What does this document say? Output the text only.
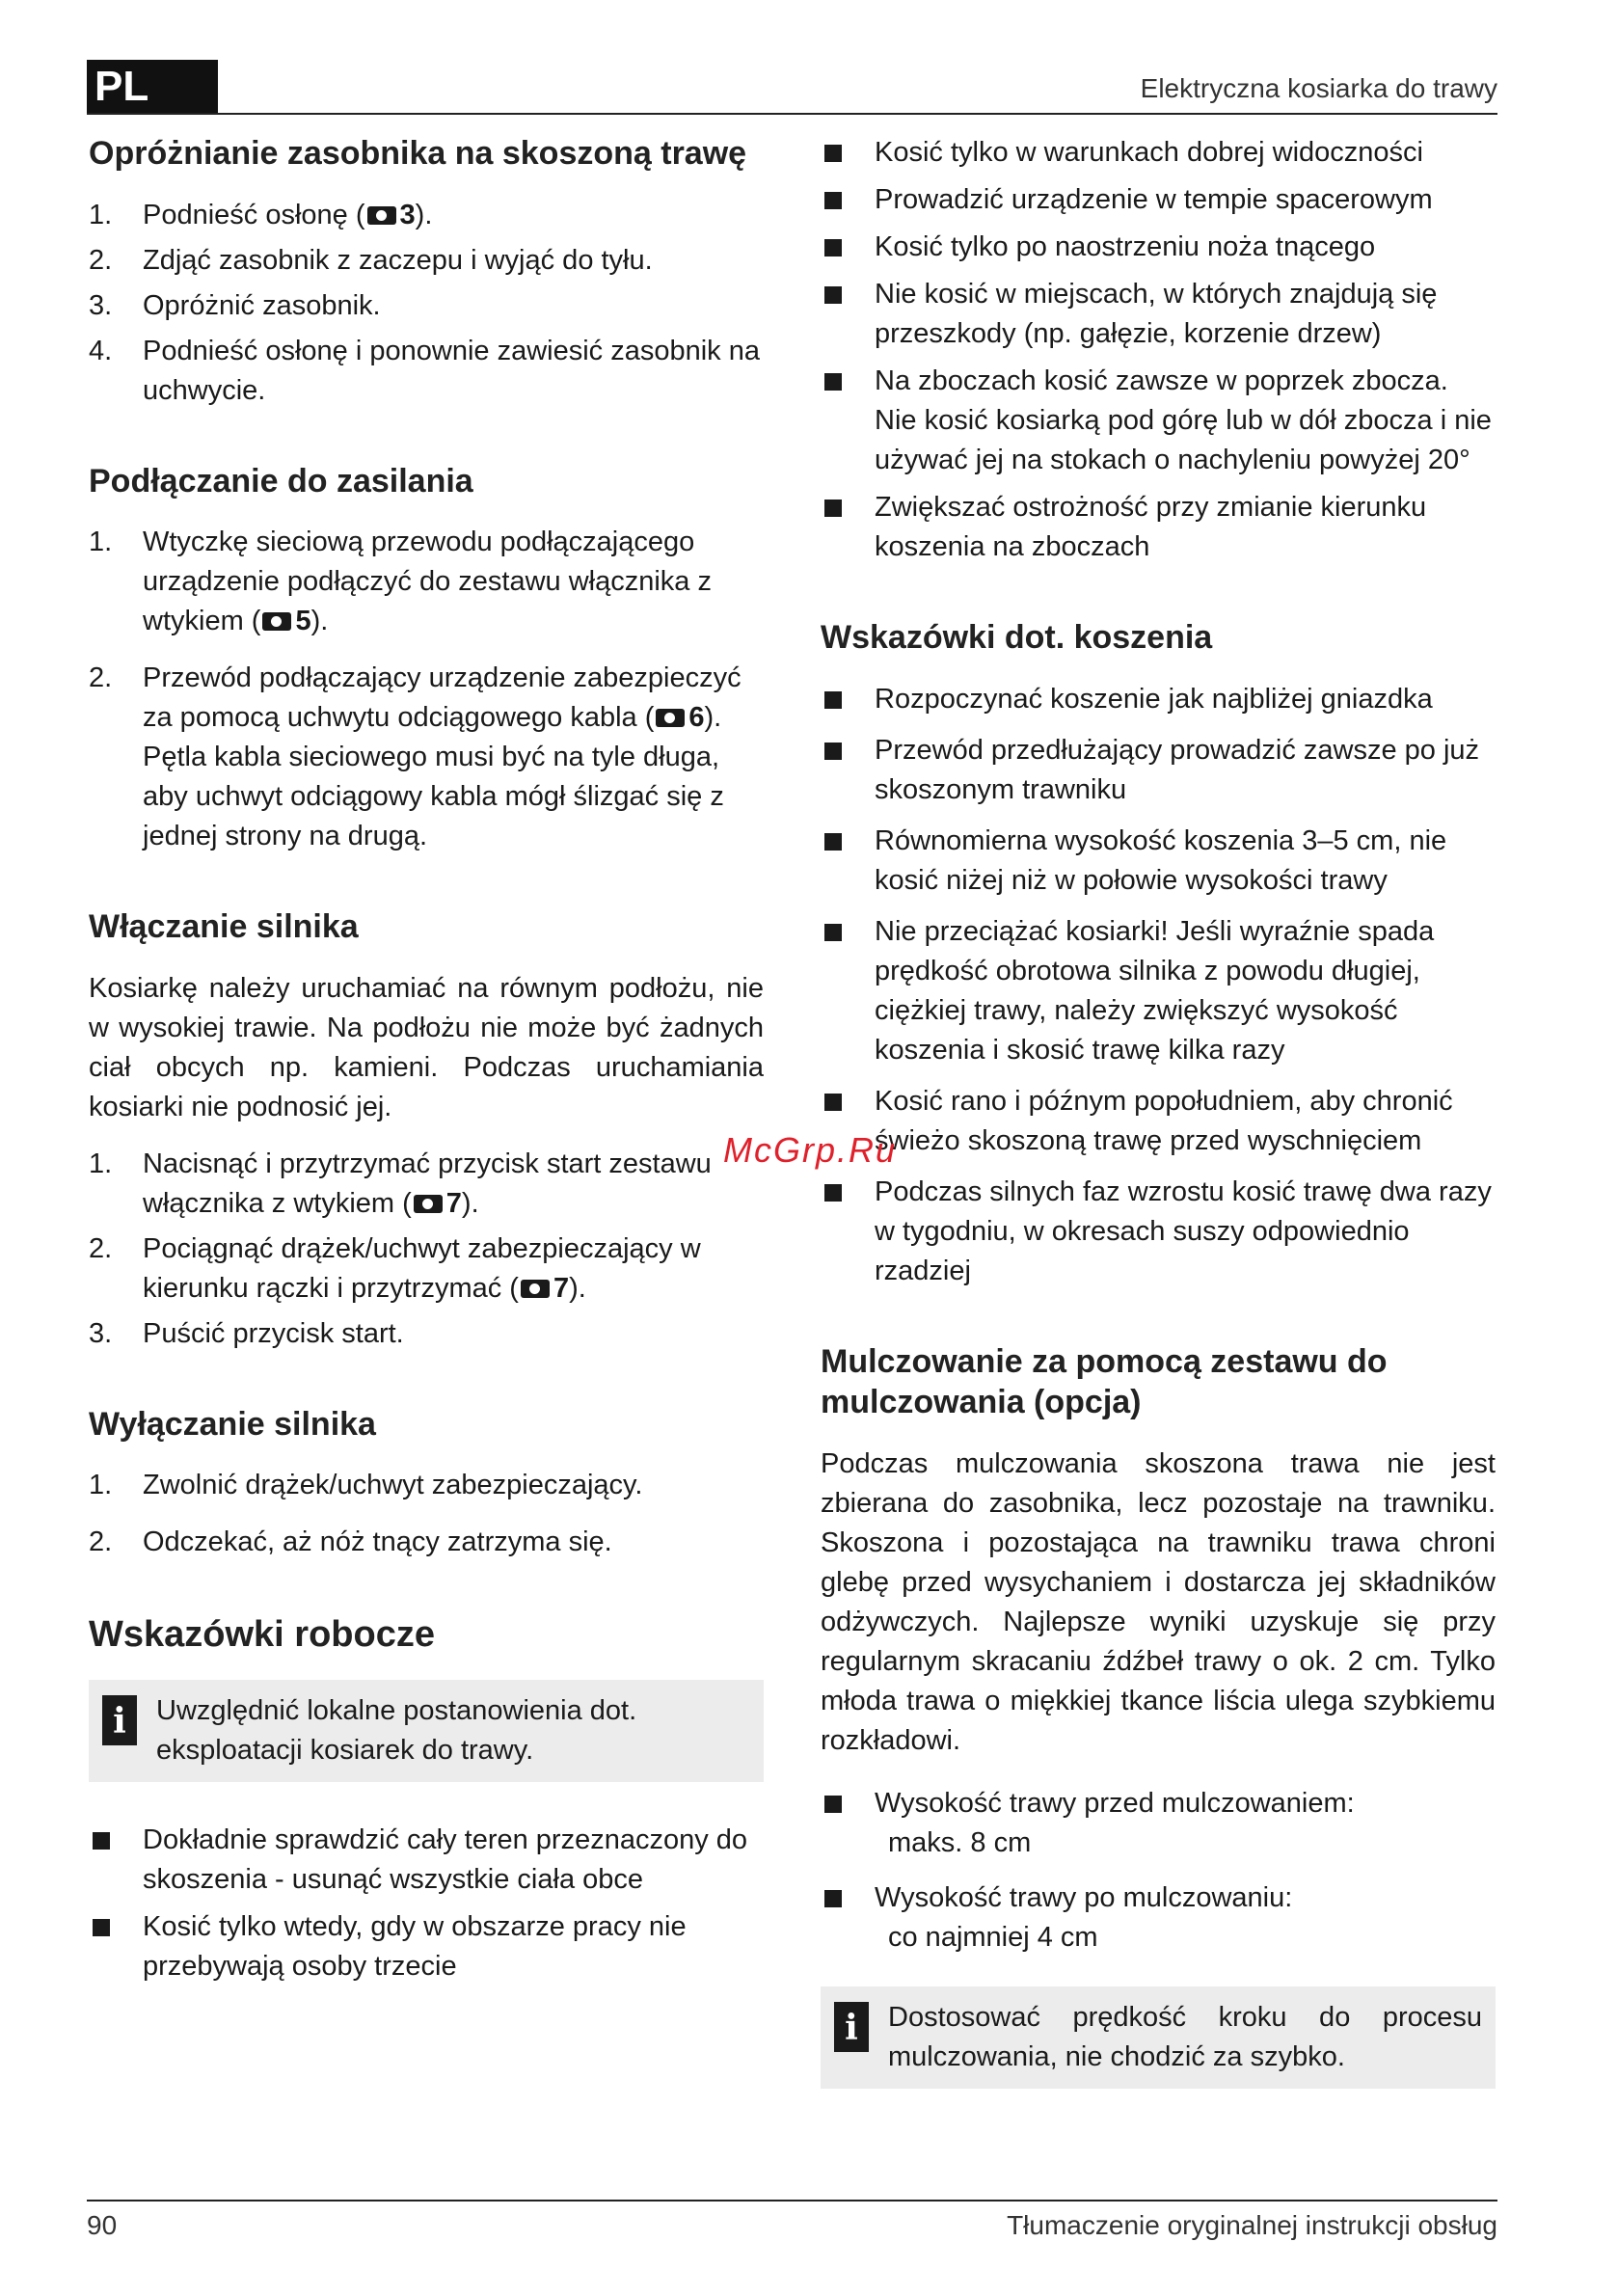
PL	Elektryczna kosiarka do trawy
Opróżnianie zasobnika na skoszoną trawę
1. Podnieść osłonę ( 3).
2. Zdjąć zasobnik z zaczepu i wyjąć do tyłu.
3. Opróżnić zasobnik.
4. Podnieść osłonę i ponownie zawiesić zasobnik na uchwycie.
Podłączanie do zasilania
1. Wtyczkę sieciową przewodu podłączającego urządzenie podłączyć do zestawu włącznika z wtykiem ( 5).
2. Przewód podłączający urządzenie zabezpieczyć za pomocą uchwytu odciągowego kabla ( 6).
Pętla kabla sieciowego musi być na tyle długa, aby uchwyt odciągowy kabla mógł ślizgać się z jednej strony na drugą.
Włączanie silnika

Kosiarkę należy uruchamiać na równym podłożu, nie w wysokiej trawie. Na podłożu nie może być żadnych ciał obcych np. kamieni. Podczas uruchamiania kosiarki nie podnosić jej.

1. Nacisnąć i przytrzymać przycisk start zestawu włącznika z wtykiem ( 7).
2. Pociągnąć drążek/uchwyt zabezpieczający w kierunku rączki i przytrzymać ( 7).
3. Puścić przycisk start.
Wyłączanie silnika
1. Zwolnić drążek/uchwyt zabezpieczający.
2. Odczekać, aż nóż tnący zatrzyma się.
Wskazówki robocze
i	Uwzględnić lokalne postanowienia dot. eksploatacji kosiarek do trawy.
Dokładnie sprawdzić cały teren przeznaczony do skoszenia - usunąć wszystkie ciała obce
Kosić tylko wtedy, gdy w obszarze pracy nie przebywają osoby trzecie
Kosić tylko w warunkach dobrej widoczności
Prowadzić urządzenie w tempie spacerowym
Kosić tylko po naostrzeniu noża tnącego
Nie kosić w miejscach, w których znajdują się przeszkody (np. gałęzie, korzenie drzew)
Na zboczach kosić zawsze w poprzek zbocza. Nie kosić kosiarką pod górę lub w dół zbocza i nie używać jej na stokach o nachyleniu powyżej 20°
Zwiększać ostrożność przy zmianie kierunku koszenia na zboczach
Wskazówki dot. koszenia
Rozpoczynać koszenie jak najbliżej gniazdka
Przewód przedłużający prowadzić zawsze po już skoszonym trawniku
Równomierna wysokość koszenia 3–5 cm, nie kosić niżej niż w połowie wysokości trawy
Nie przeciążać kosiarki! Jeśli wyraźnie spada prędkość obrotowa silnika z powodu długiej, ciężkiej trawy, należy zwiększyć wysokość koszenia i skosić trawę kilka razy
Kosić rano i późnym popołudniem, aby chronić świeżo skoszoną trawę przed wyschnięciem
Podczas silnych faz wzrostu kosić trawę dwa razy w tygodniu, w okresach suszy odpowiednio rzadziej
Mulczowanie za pomocą zestawu do mulczowania (opcja)

Podczas mulczowania skoszona trawa nie jest zbierana do zasobnika, lecz pozostaje na trawniku. Skoszona i pozostająca na trawniku trawa chroni glebę przed wysychaniem i dostarcza jej składników odżywczych. Najlepsze wyniki uzyskuje się przy regularnym skracaniu źdźbeł trawy o ok. 2 cm. Tylko młoda trawa o miękkiej tkance liścia ulega szybkiemu rozkładowi.

Wysokość trawy przed mulczowaniem:maks. 8 cm
Wysokość trawy po mulczowaniu:co najmniej 4 cm
i	Dostosować prędkość kroku do procesu mulczowania, nie chodzić za szybko.
McGrp.Ru
90	Tłumaczenie oryginalnej instrukcji obsług
